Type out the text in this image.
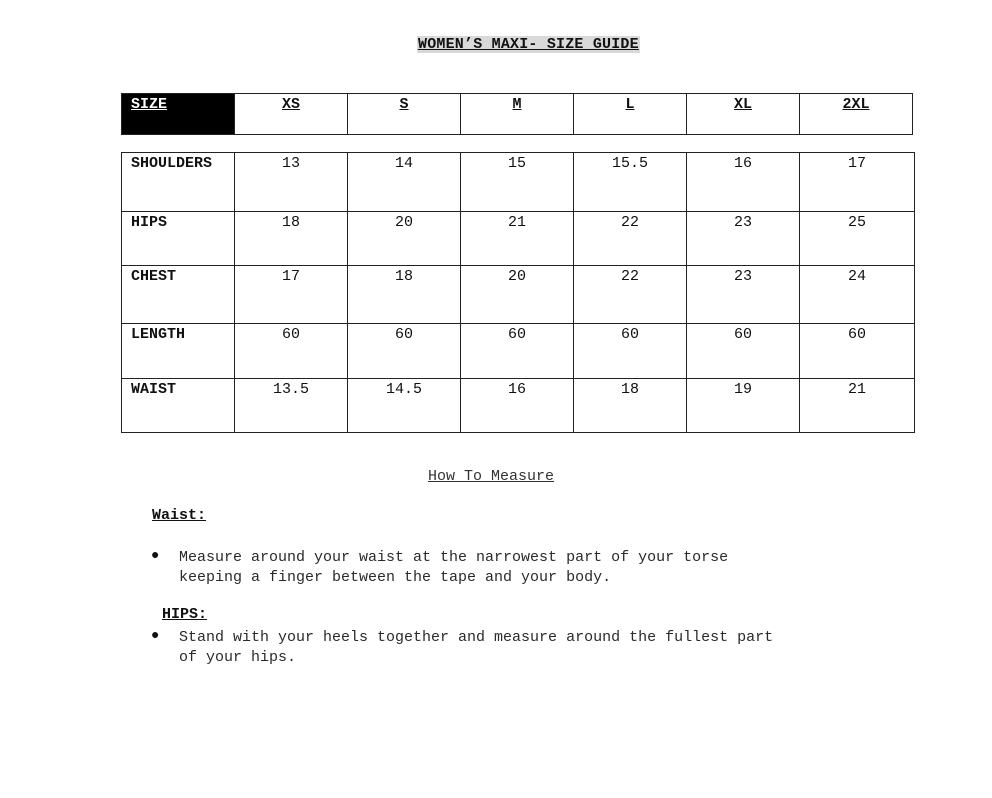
WOMEN’S MAXI- SIZE GUIDE
SIZE	XS	S	M	L	XL	2XL
SHOULDERS	13	14	15	15.5	16	17
HIPS	18	20	21	22	23	25
CHEST	17	18	20	22	23	24
LENGTH	60	60	60	60	60	60
WAIST	13.5	14.5	16	18	19	21
How To Measure
Waist:
● Measure around your waist at the narrowest part of your torse
keeping a finger between the tape and your body.
HIPS:
● Stand with your heels together and measure around the fullest part
of your hips.
